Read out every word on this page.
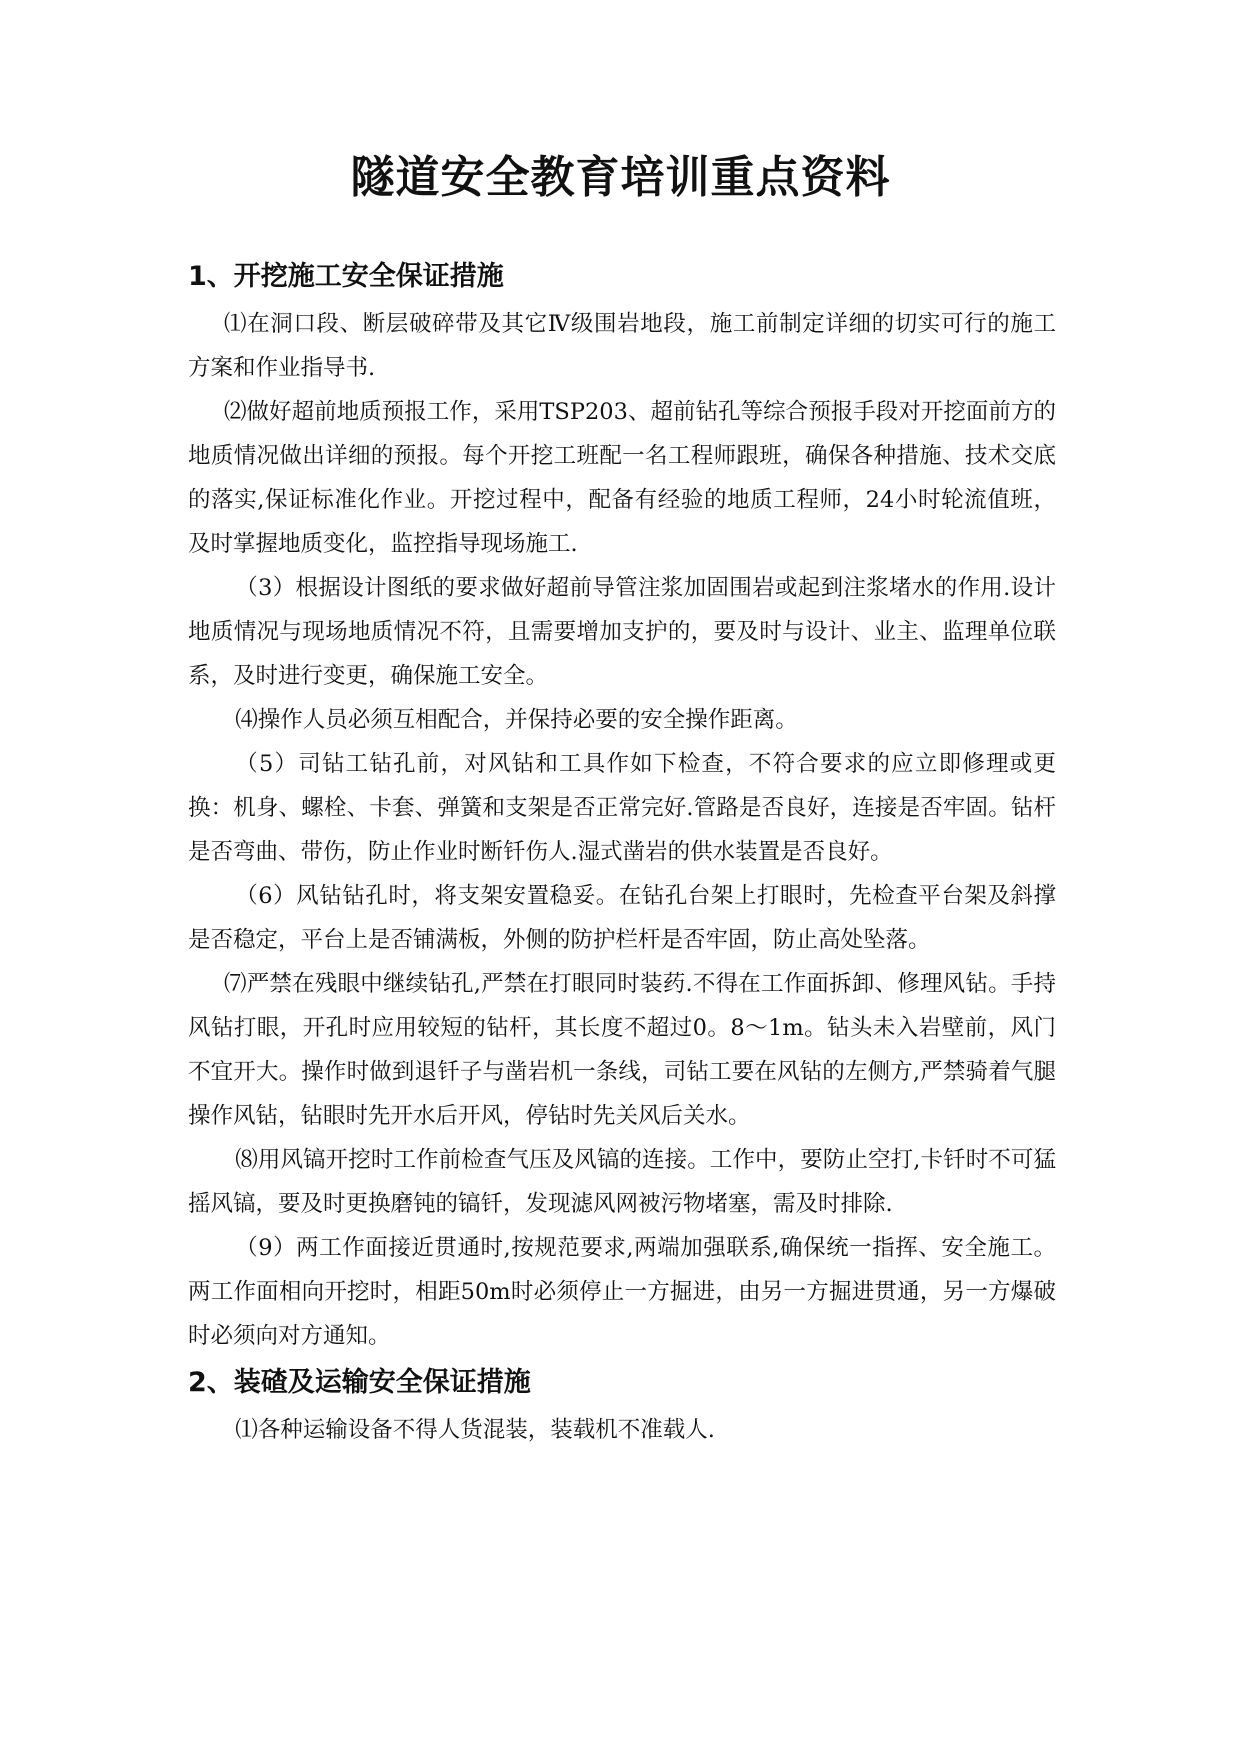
隧道安全教育培训重点资料
1、开挖施工安全保证措施

⑴在洞口段、断层破碎带及其它Ⅳ级围岩地段，施工前制定详细的切实可行的施工方案和作业指导书.

⑵做好超前地质预报工作，采用TSP203、超前钻孔等综合预报手段对开挖面前方的地质情况做出详细的预报。每个开挖工班配一名工程师跟班，确保各种措施、技术交底的落实,保证标准化作业。开挖过程中，配备有经验的地质工程师，24小时轮流值班，及时掌握地质变化，监控指导现场施工.

（3）根据设计图纸的要求做好超前导管注浆加固围岩或起到注浆堵水的作用.设计地质情况与现场地质情况不符，且需要增加支护的，要及时与设计、业主、监理单位联系，及时进行变更，确保施工安全。

⑷操作人员必须互相配合，并保持必要的安全操作距离。

（5）司钻工钻孔前，对风钻和工具作如下检查，不符合要求的应立即修理或更换：机身、螺栓、卡套、弹簧和支架是否正常完好.管路是否良好，连接是否牢固。钻杆是否弯曲、带伤，防止作业时断钎伤人.湿式凿岩的供水装置是否良好。

（6）风钻钻孔时，将支架安置稳妥。在钻孔台架上打眼时，先检查平台架及斜撑是否稳定，平台上是否铺满板，外侧的防护栏杆是否牢固，防止高处坠落。

⑺严禁在残眼中继续钻孔,严禁在打眼同时装药.不得在工作面拆卸、修理风钻。手持风钻打眼，开孔时应用较短的钻杆，其长度不超过0。8～1m。钻头未入岩壁前，风门不宜开大。操作时做到退钎子与凿岩机一条线，司钻工要在风钻的左侧方,严禁骑着气腿操作风钻，钻眼时先开水后开风，停钻时先关风后关水。

⑻用风镐开挖时工作前检查气压及风镐的连接。工作中，要防止空打,卡钎时不可猛摇风镐，要及时更换磨钝的镐钎，发现滤风网被污物堵塞，需及时排除.

（9）两工作面接近贯通时,按规范要求,两端加强联系,确保统一指挥、安全施工。两工作面相向开挖时，相距50m时必须停止一方掘进，由另一方掘进贯通，另一方爆破时必须向对方通知。

2、装碴及运输安全保证措施

⑴各种运输设备不得人货混装，装载机不准载人.
